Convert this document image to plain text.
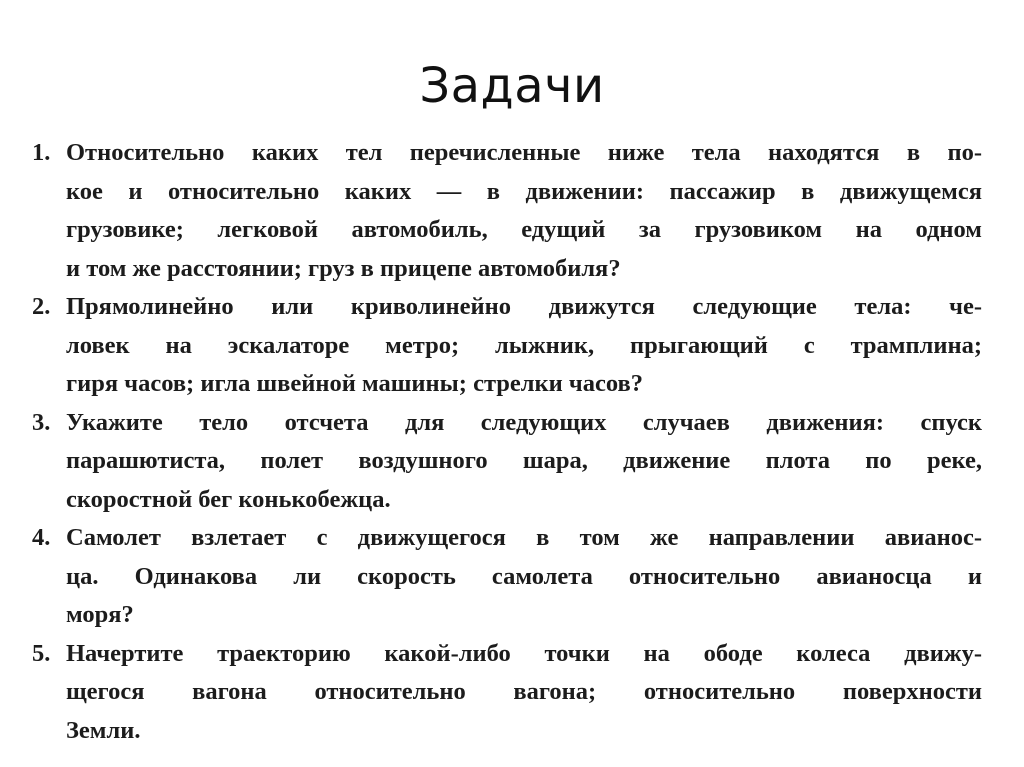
Задачи
1. Относительно каких тел перечисленные ниже тела находятся в по-
кое и относительно каких — в движении: пассажир в движущемся
грузовике; легковой автомобиль, едущий за грузовиком на одном
и том же расстоянии; груз в прицепе автомобиля?
2. Прямолинейно или криволинейно движутся следующие тела: че-
ловек на эскалаторе метро; лыжник, прыгающий с трамплина;
гиря часов; игла швейной машины; стрелки часов?
3. Укажите тело отсчета для следующих случаев движения: спуск
парашютиста, полет воздушного шара, движение плота по реке,
скоростной бег конькобежца.
4. Самолет взлетает с движущегося в том же направлении авианос-
ца. Одинакова ли скорость самолета относительно авианосца и
моря?
5. Начертите траекторию какой-либо точки на ободе колеса движу-
щегося вагона относительно вагона; относительно поверхности
Земли.
